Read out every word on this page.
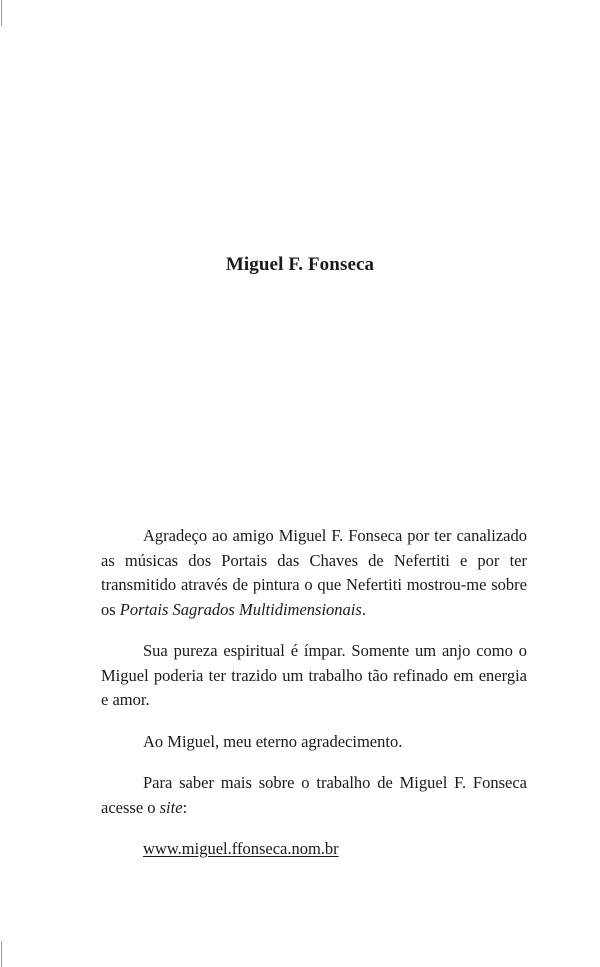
Miguel F. Fonseca

Agradeço ao amigo Miguel F. Fonseca por ter canalizado as músicas dos Portais das Chaves de Nefertiti e por ter transmitido através de pintura o que Nefertiti mostrou-me sobre os Portais Sagrados Multidimensionais.

Sua pureza espiritual é ímpar. Somente um anjo como o Miguel poderia ter trazido um trabalho tão refinado em energia e amor.

Ao Miguel, meu eterno agradecimento.

Para saber mais sobre o trabalho de Miguel F. Fonseca acesse o site:

www.miguel.ffonseca.nom.br
